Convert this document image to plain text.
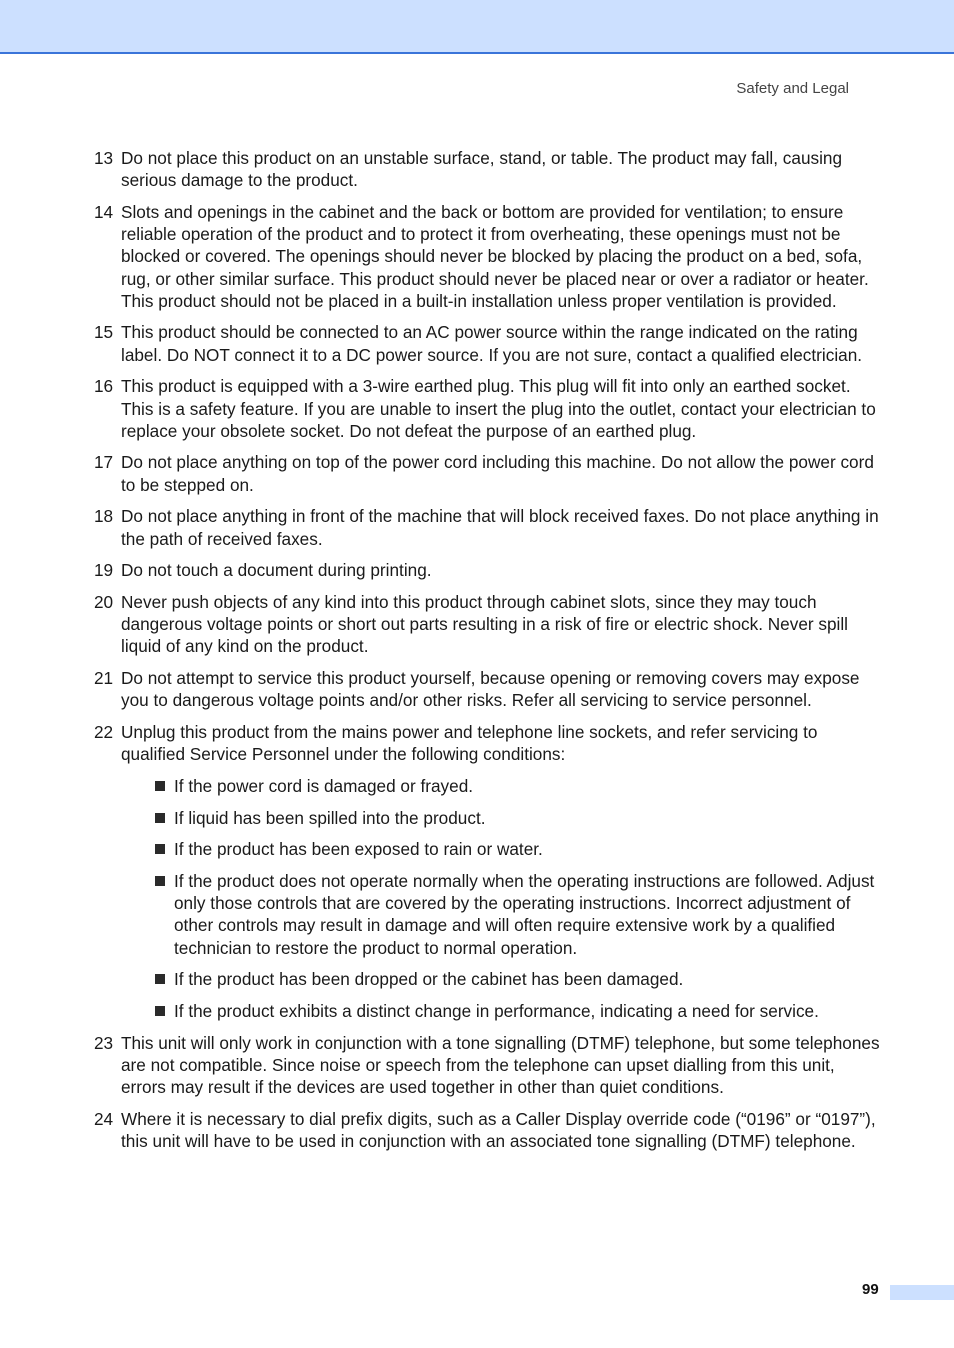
Safety and Legal
13 Do not place this product on an unstable surface, stand, or table. The product may fall, causing serious damage to the product.
14 Slots and openings in the cabinet and the back or bottom are provided for ventilation; to ensure reliable operation of the product and to protect it from overheating, these openings must not be blocked or covered. The openings should never be blocked by placing the product on a bed, sofa, rug, or other similar surface. This product should never be placed near or over a radiator or heater. This product should not be placed in a built-in installation unless proper ventilation is provided.
15 This product should be connected to an AC power source within the range indicated on the rating label. Do NOT connect it to a DC power source. If you are not sure, contact a qualified electrician.
16 This product is equipped with a 3-wire earthed plug. This plug will fit into only an earthed socket. This is a safety feature. If you are unable to insert the plug into the outlet, contact your electrician to replace your obsolete socket. Do not defeat the purpose of an earthed plug.
17 Do not place anything on top of the power cord including this machine. Do not allow the power cord to be stepped on.
18 Do not place anything in front of the machine that will block received faxes. Do not place anything in the path of received faxes.
19 Do not touch a document during printing.
20 Never push objects of any kind into this product through cabinet slots, since they may touch dangerous voltage points or short out parts resulting in a risk of fire or electric shock. Never spill liquid of any kind on the product.
21 Do not attempt to service this product yourself, because opening or removing covers may expose you to dangerous voltage points and/or other risks. Refer all servicing to service personnel.
22 Unplug this product from the mains power and telephone line sockets, and refer servicing to qualified Service Personnel under the following conditions:
If the power cord is damaged or frayed.
If liquid has been spilled into the product.
If the product has been exposed to rain or water.
If the product does not operate normally when the operating instructions are followed. Adjust only those controls that are covered by the operating instructions. Incorrect adjustment of other controls may result in damage and will often require extensive work by a qualified technician to restore the product to normal operation.
If the product has been dropped or the cabinet has been damaged.
If the product exhibits a distinct change in performance, indicating a need for service.
23 This unit will only work in conjunction with a tone signalling (DTMF) telephone, but some telephones are not compatible. Since noise or speech from the telephone can upset dialling from this unit, errors may result if the devices are used together in other than quiet conditions.
24 Where it is necessary to dial prefix digits, such as a Caller Display override code (“0196” or “0197”), this unit will have to be used in conjunction with an associated tone signalling (DTMF) telephone.
99
